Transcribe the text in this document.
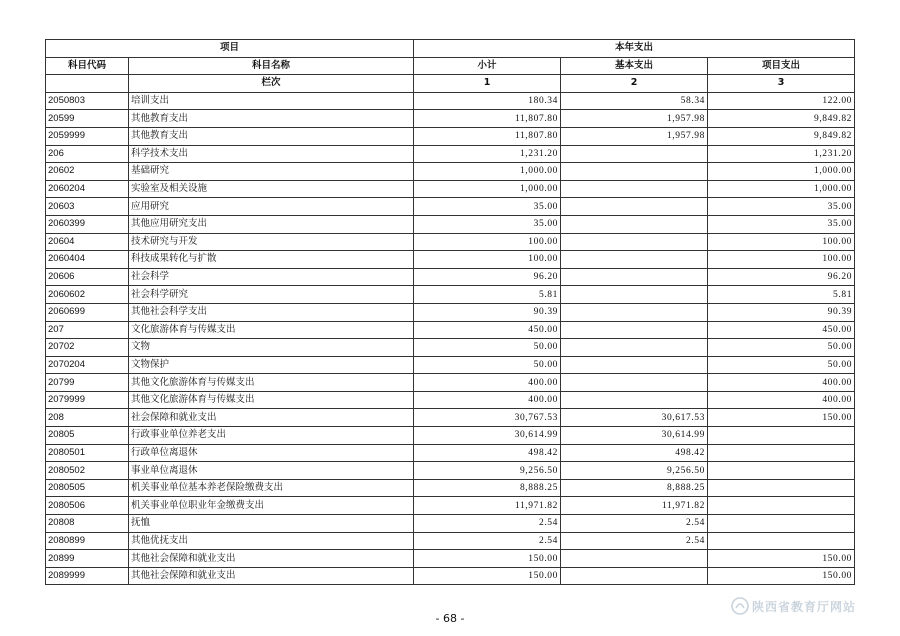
项目		本年支出		
科目代码	科目名称	小计	基本支出	项目支出
	栏次	1	2	3
2050803	培训支出	180.34	58.34	122.00
20599	其他教育支出	11,807.80	1,957.98	9,849.82
2059999	其他教育支出	11,807.80	1,957.98	9,849.82
206	科学技术支出	1,231.20		1,231.20
20602	基础研究	1,000.00		1,000.00
2060204	实验室及相关设施	1,000.00		1,000.00
20603	应用研究	35.00		35.00
2060399	其他应用研究支出	35.00		35.00
20604	技术研究与开发	100.00		100.00
2060404	科技成果转化与扩散	100.00		100.00
20606	社会科学	96.20		96.20
2060602	社会科学研究	5.81		5.81
2060699	其他社会科学支出	90.39		90.39
207	文化旅游体育与传媒支出	450.00		450.00
20702	文物	50.00		50.00
2070204	文物保护	50.00		50.00
20799	其他文化旅游体育与传媒支出	400.00		400.00
2079999	其他文化旅游体育与传媒支出	400.00		400.00
208	社会保障和就业支出	30,767.53	30,617.53	150.00
20805	行政事业单位养老支出	30,614.99	30,614.99	
2080501	行政单位离退休	498.42	498.42	
2080502	事业单位离退休	9,256.50	9,256.50	
2080505	机关事业单位基本养老保险缴费支出	8,888.25	8,888.25	
2080506	机关事业单位职业年金缴费支出	11,971.82	11,971.82	
20808	抚恤	2.54	2.54	
2080899	其他优抚支出	2.54	2.54	
20899	其他社会保障和就业支出	150.00		150.00
2089999	其他社会保障和就业支出	150.00		150.00
- 68 -
陕西省教育厅网站
